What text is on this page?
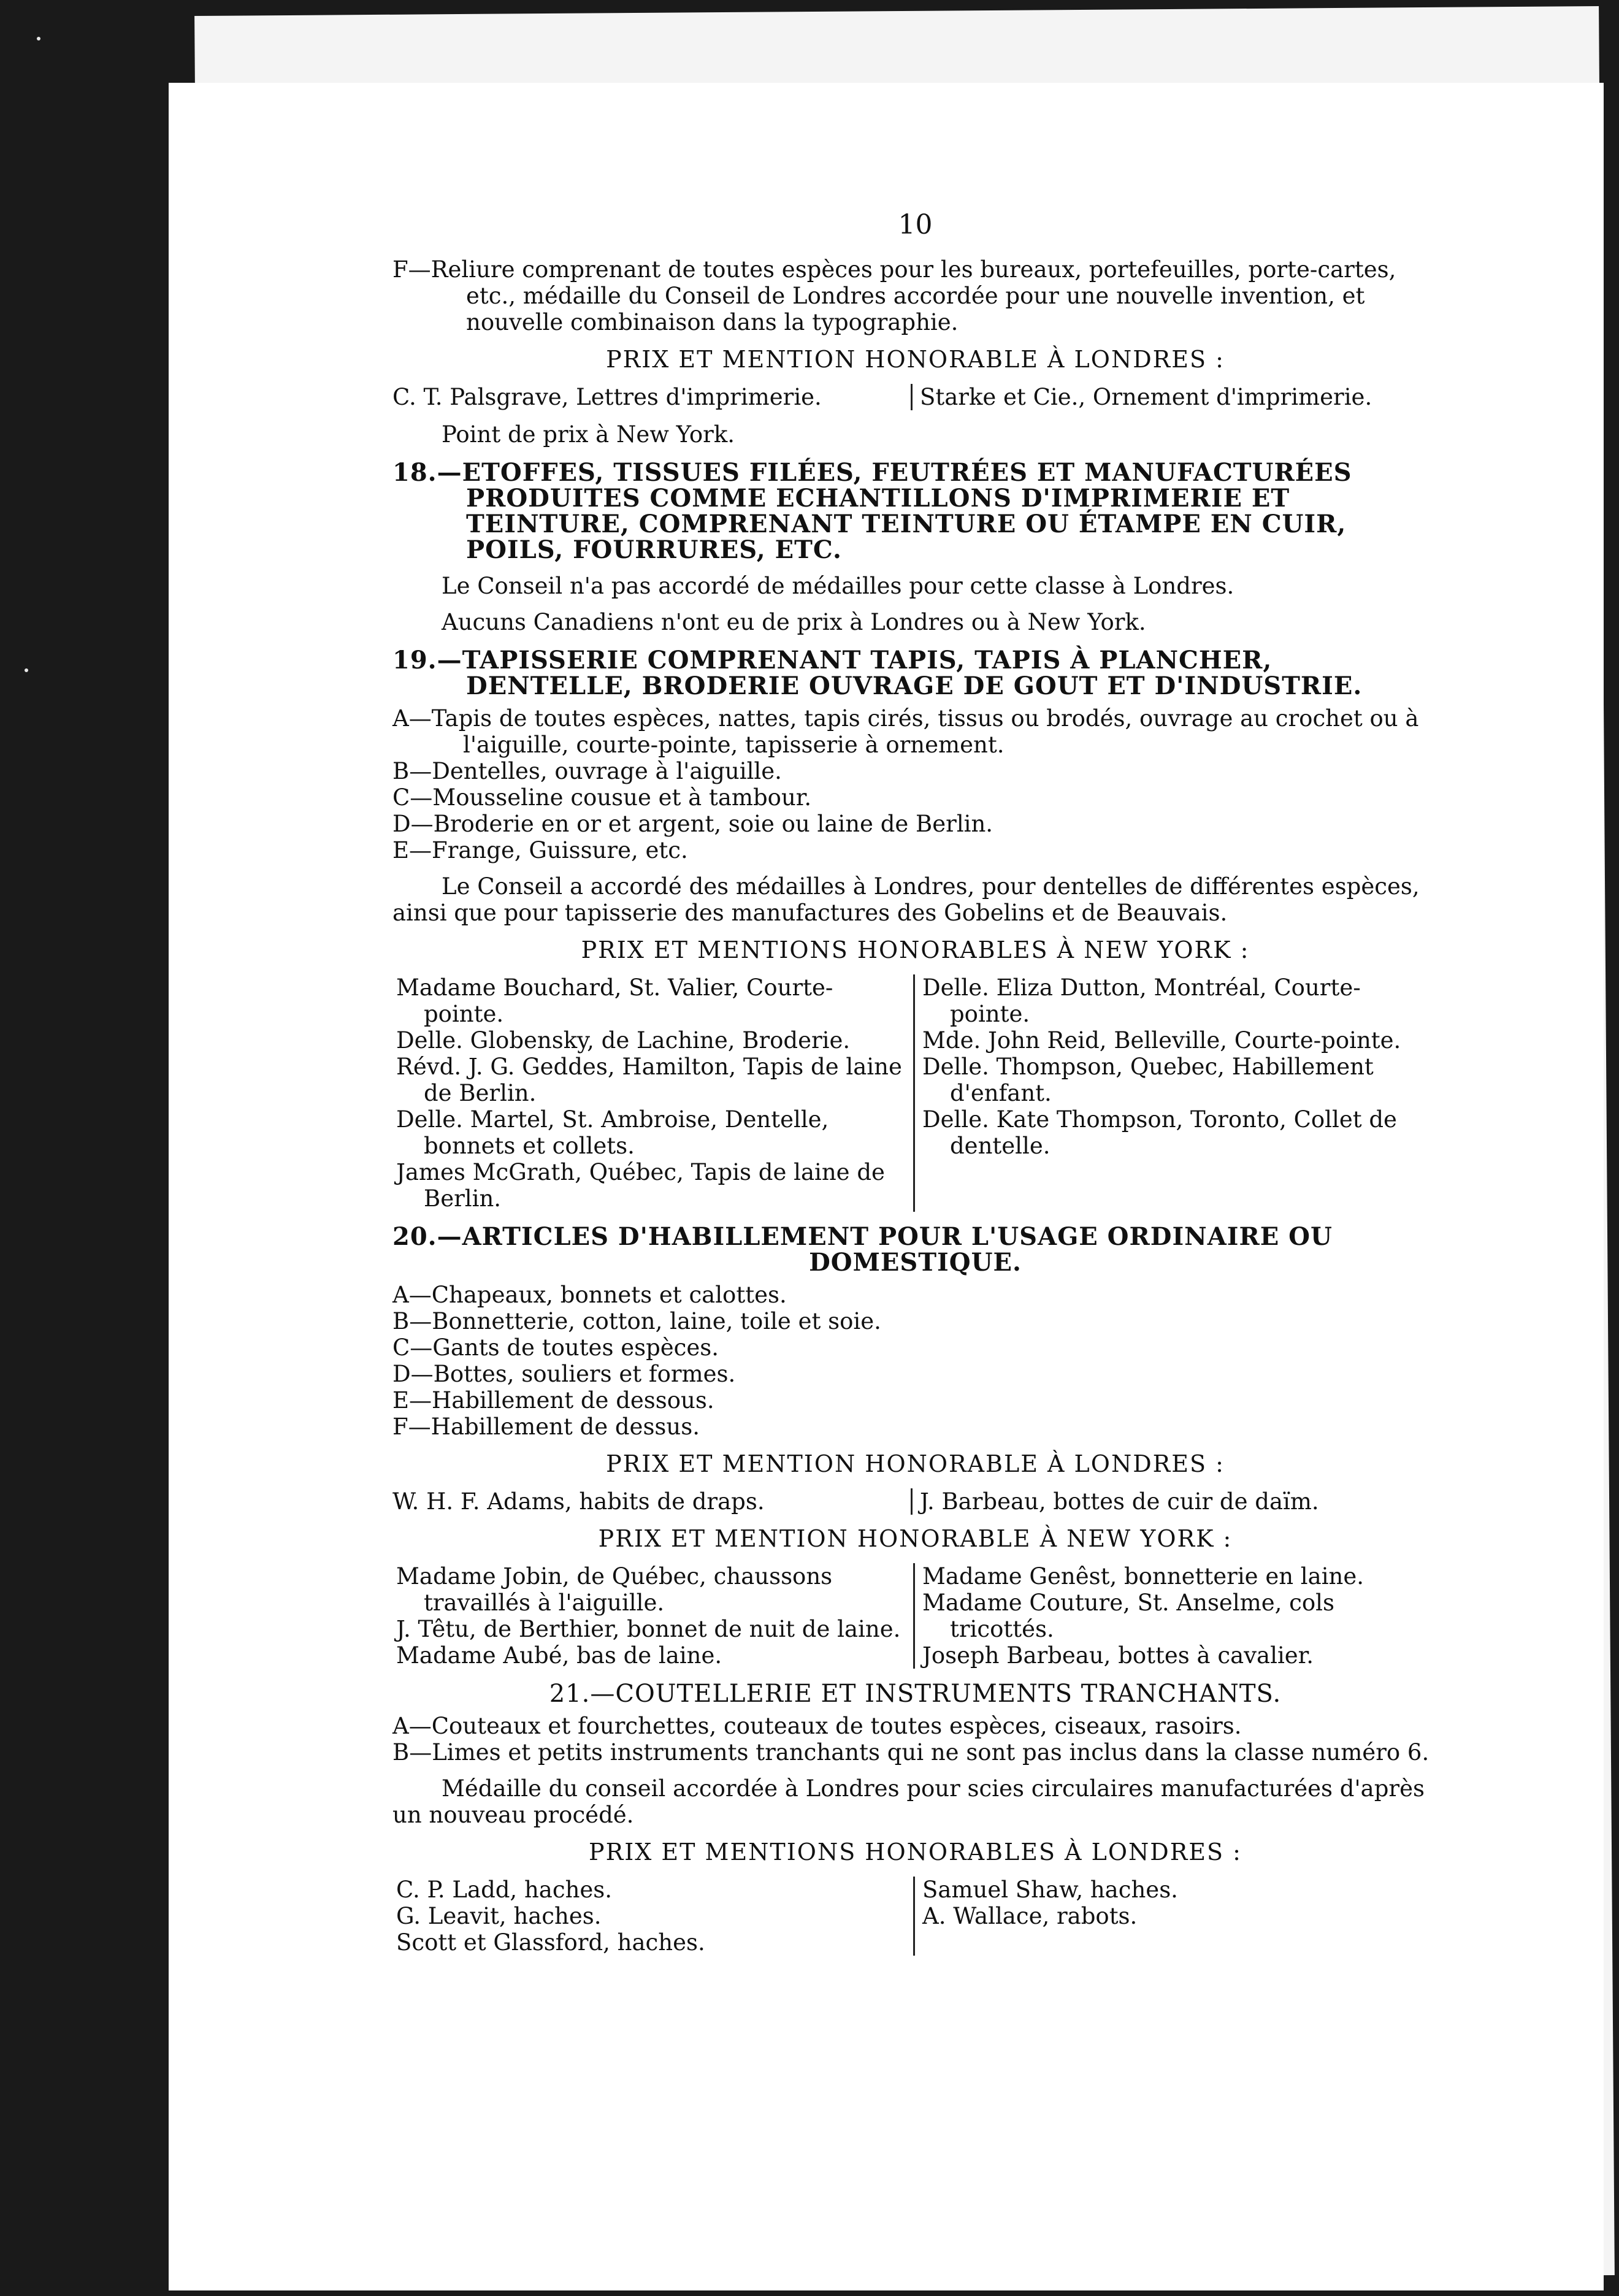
10

F—Reliure comprenant de toutes espèces pour les bureaux, portefeuilles, porte-cartes, etc., médaille du Conseil de Londres accordée pour une nouvelle invention, et nouvelle combinaison dans la typographie.

PRIX ET MENTION HONORABLE À LONDRES :
C. T. Palsgrave, Lettres d'imprimerie.	Starke et Cie., Ornement d'imprimerie.

Point de prix à New York.

18.—ETOFFES, TISSUES FILÉES, FEUTRÉES ET MANUFACTURÉES PRODUITES COMME ECHANTILLONS D'IMPRIMERIE ET TEINTURE, COMPRENANT TEINTURE OU ÉTAMPE EN CUIR, POILS, FOURRURES, ETC.

Le Conseil n'a pas accordé de médailles pour cette classe à Londres.

Aucuns Canadiens n'ont eu de prix à Londres ou à New York.

19.—TAPISSERIE COMPRENANT TAPIS, TAPIS À PLANCHER, DENTELLE, BRODERIE OUVRAGE DE GOUT ET D'INDUSTRIE.
A—Tapis de toutes espèces, nattes, tapis cirés, tissus ou brodés, ouvrage au crochet ou à l'aiguille, courte-pointe, tapisserie à ornement.
B—Dentelles, ouvrage à l'aiguille.
C—Mousseline cousue et à tambour.
D—Broderie en or et argent, soie ou laine de Berlin.
E—Frange, Guissure, etc.

Le Conseil a accordé des médailles à Londres, pour dentelles de différentes espèces, ainsi que pour tapisserie des manufactures des Gobelins et de Beauvais.

PRIX ET MENTIONS HONORABLES À NEW YORK :
Madame Bouchard, St. Valier, Courte-pointe.
Delle. Globensky, de Lachine, Broderie.
Révd. J. G. Geddes, Hamilton, Tapis de laine de Berlin.
Delle. Martel, St. Ambroise, Dentelle, bonnets et collets.
James McGrath, Québec, Tapis de laine de Berlin.
Delle. Eliza Dutton, Montréal, Courte-pointe.
Mde. John Reid, Belleville, Courte-pointe.
Delle. Thompson, Quebec, Habillement d'enfant.
Delle. Kate Thompson, Toronto, Collet de dentelle.
20.—ARTICLES D'HABILLEMENT POUR L'USAGE ORDINAIRE OU
DOMESTIQUE.
A—Chapeaux, bonnets et calottes.
B—Bonnetterie, cotton, laine, toile et soie.
C—Gants de toutes espèces.
D—Bottes, souliers et formes.
E—Habillement de dessous.
F—Habillement de dessus.
PRIX ET MENTION HONORABLE À LONDRES :
W. H. F. Adams, habits de draps.	J. Barbeau, bottes de cuir de daïm.
PRIX ET MENTION HONORABLE À NEW YORK :
Madame Jobin, de Québec, chaussons travaillés à l'aiguille.
J. Têtu, de Berthier, bonnet de nuit de laine.
Madame Aubé, bas de laine.
Madame Genêst, bonnetterie en laine.
Madame Couture, St. Anselme, cols tricottés.
Joseph Barbeau, bottes à cavalier.
21.—COUTELLERIE ET INSTRUMENTS TRANCHANTS.
A—Couteaux et fourchettes, couteaux de toutes espèces, ciseaux, rasoirs.
B—Limes et petits instruments tranchants qui ne sont pas inclus dans la classe numéro 6.

Médaille du conseil accordée à Londres pour scies circulaires manufacturées d'après un nouveau procédé.

PRIX ET MENTIONS HONORABLES À LONDRES :
C. P. Ladd, haches.
G. Leavit, haches.
Scott et Glassford, haches.
Samuel Shaw, haches.
A. Wallace, rabots.
